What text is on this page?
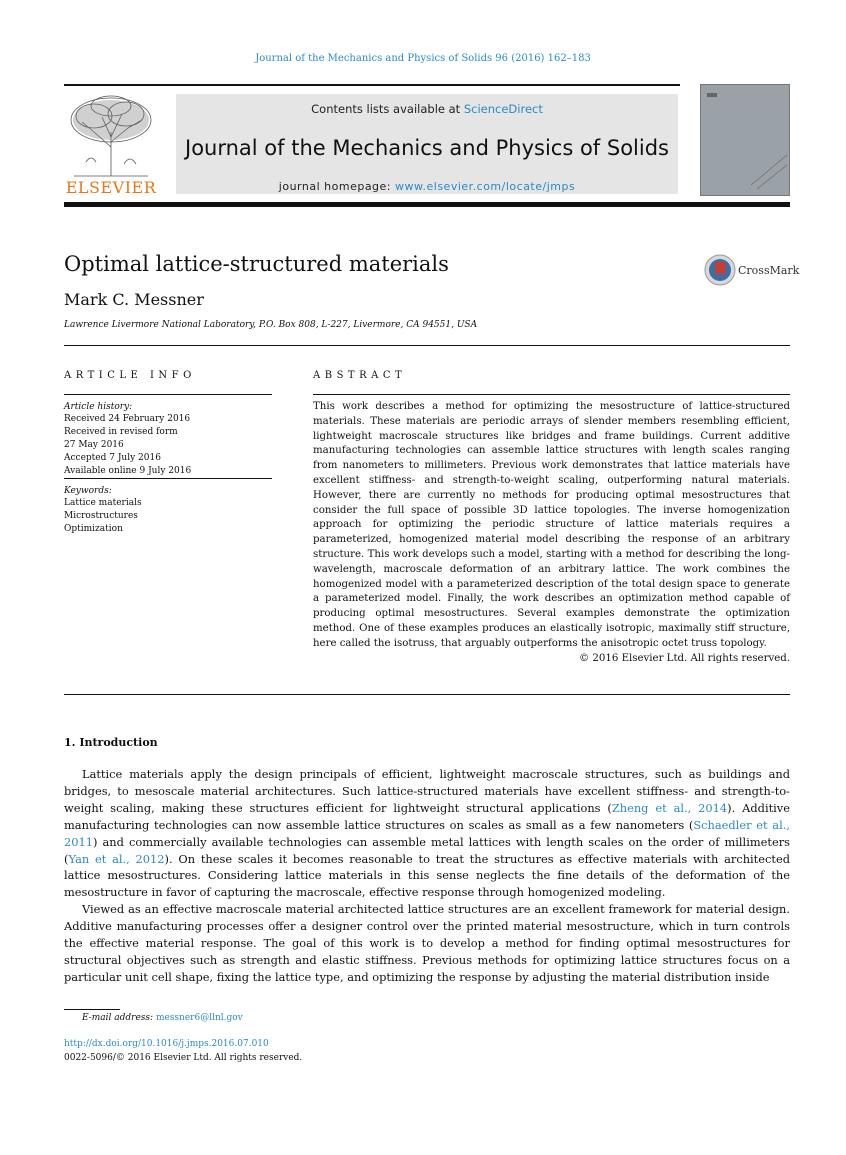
Journal of the Mechanics and Physics of Solids 96 (2016) 162–183
ELSEVIER
Contents lists available at ScienceDirect
Journal of the Mechanics and Physics of Solids
journal homepage: www.elsevier.com/locate/jmps
Optimal lattice-structured materials	CrossMark
Mark C. Messner
Lawrence Livermore National Laboratory, P.O. Box 808, L-227, Livermore, CA 94551, USA
ARTICLE INFO	ABSTRACT
Article history:
Received 24 February 2016
Received in revised form
27 May 2016
Accepted 7 July 2016
Available online 9 July 2016
Keywords:
Lattice materials
Microstructures
Optimization
This work describes a method for optimizing the mesostructure of lattice-structured materials. These materials are periodic arrays of slender members resembling efficient, lightweight macroscale structures like bridges and frame buildings. Current additive manufacturing technologies can assemble lattice structures with length scales ranging from nanometers to millimeters. Previous work demonstrates that lattice materials have excellent stiffness- and strength-to-weight scaling, outperforming natural materials. However, there are currently no methods for producing optimal mesostructures that consider the full space of possible 3D lattice topologies. The inverse homogenization approach for optimizing the periodic structure of lattice materials requires a parameterized, homogenized material model describing the response of an arbitrary structure. This work develops such a model, starting with a method for describing the long-wavelength, macroscale deformation of an arbitrary lattice. The work combines the homogenized model with a parameterized description of the total design space to generate a parameterized model. Finally, the work describes an optimization method capable of producing optimal mesostructures. Several examples demonstrate the optimization method. One of these examples produces an elastically isotropic, maximally stiff structure, here called the isotruss, that arguably outperforms the anisotropic octet truss topology.
© 2016 Elsevier Ltd. All rights reserved.
1. Introduction

Lattice materials apply the design principals of efficient, lightweight macroscale structures, such as buildings and bridges, to mesoscale material architectures. Such lattice-structured materials have excellent stiffness- and strength-to-weight scaling, making these structures efficient for lightweight structural applications (Zheng et al., 2014). Additive manufacturing technologies can now assemble lattice structures on scales as small as a few nanometers (Schaedler et al., 2011) and commercially available technologies can assemble metal lattices with length scales on the order of millimeters (Yan et al., 2012). On these scales it becomes reasonable to treat the structures as effective materials with architected lattice mesostructures. Considering lattice materials in this sense neglects the fine details of the deformation of the mesostructure in favor of capturing the macroscale, effective response through homogenized modeling.

Viewed as an effective macroscale material architected lattice structures are an excellent framework for material design. Additive manufacturing processes offer a designer control over the printed material mesostructure, which in turn controls the effective material response. The goal of this work is to develop a method for finding optimal mesostructures for structural objectives such as strength and elastic stiffness. Previous methods for optimizing lattice structures focus on a particular unit cell shape, fixing the lattice type, and optimizing the response by adjusting the material distribution inside

E-mail address: messner6@llnl.gov
http://dx.doi.org/10.1016/j.jmps.2016.07.010
0022-5096/© 2016 Elsevier Ltd. All rights reserved.
